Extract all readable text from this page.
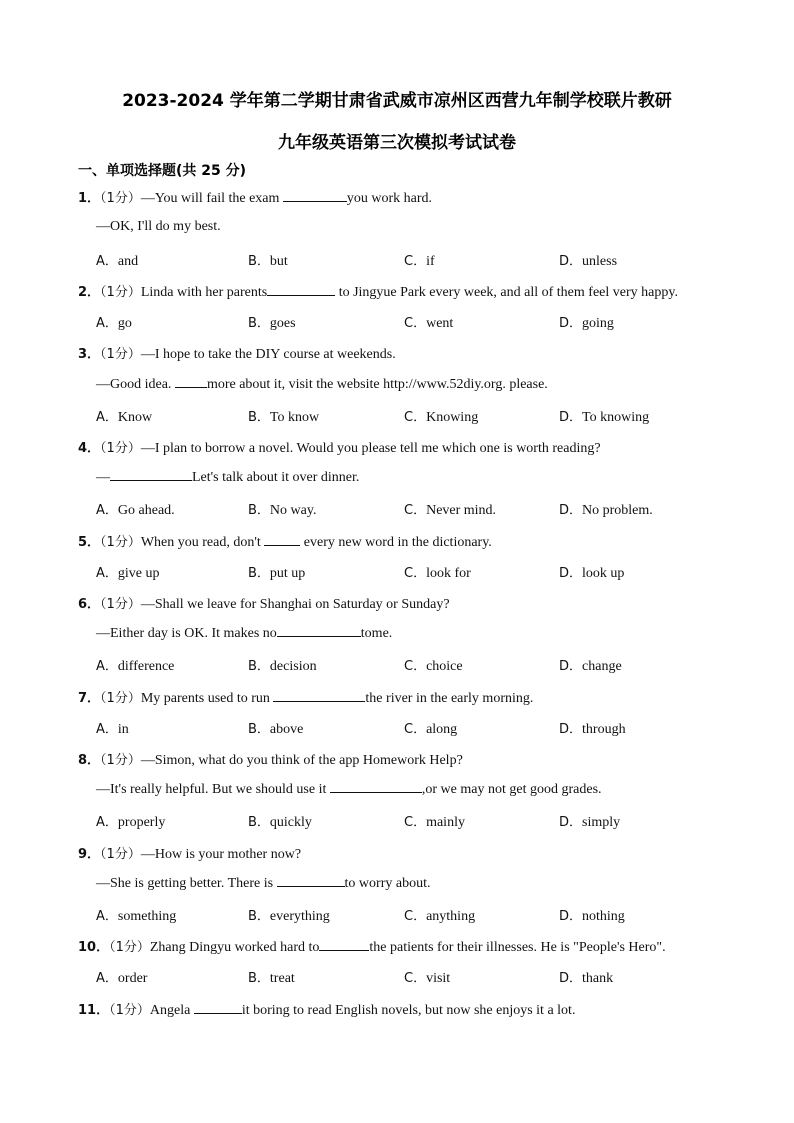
2023-2024 学年第二学期甘肃省武威市凉州区西营九年制学校联片教研
九年级英语第三次模拟考试试卷
一、单项选择题(共 25 分)
1．（1分）—You will fail the exam	you work hard.
—OK, I'll do my best.
A．and	B．but	C．if	D．unless
2．（1分）Linda with her parents	to Jingyue Park every week, and all of them feel very happy.
A．go	B．goes	C．went	D．going
3．（1分）—I hope to take the DIY course at weekends.
—Good idea. more about it, visit the website http://www.52diy.org. please.
A．Know	B．To know	C．Knowing	D．To knowing
4．（1分）—I plan to borrow a novel. Would you please tell me which one is worth reading?
—	Let's talk about it over dinner.
A．Go ahead.	B．No way.	C．Never mind.	D．No problem.
5．（1分）When you read, don't	every new word in the dictionary.
A．give up	B．put up	C．look for	D．look up
6．（1分）—Shall we leave for Shanghai on Saturday or Sunday?
—Either day is OK. It makes no	tome.
A．difference	B．decision	C．choice	D．change
7．（1分）My parents used to run	the river in the early morning.
A．in	B．above	C．along	D．through
8．（1分）—Simon, what do you think of the app Homework Help?
—It's really helpful. But we should use it	,or we may not get good grades.
A．properly	B．quickly	C．mainly	D．simply
9．（1分）—How is your mother now?
—She is getting better. There is	to worry about.
A．something	B．everything	C．anything	D．nothing
10．（1分）Zhang Dingyu worked hard to	the patients for their illnesses. He is "People's Hero".
A．order	B．treat	C．visit	D．thank
11．（1分）Angela	it boring to read English novels, but now she enjoys it a lot.
